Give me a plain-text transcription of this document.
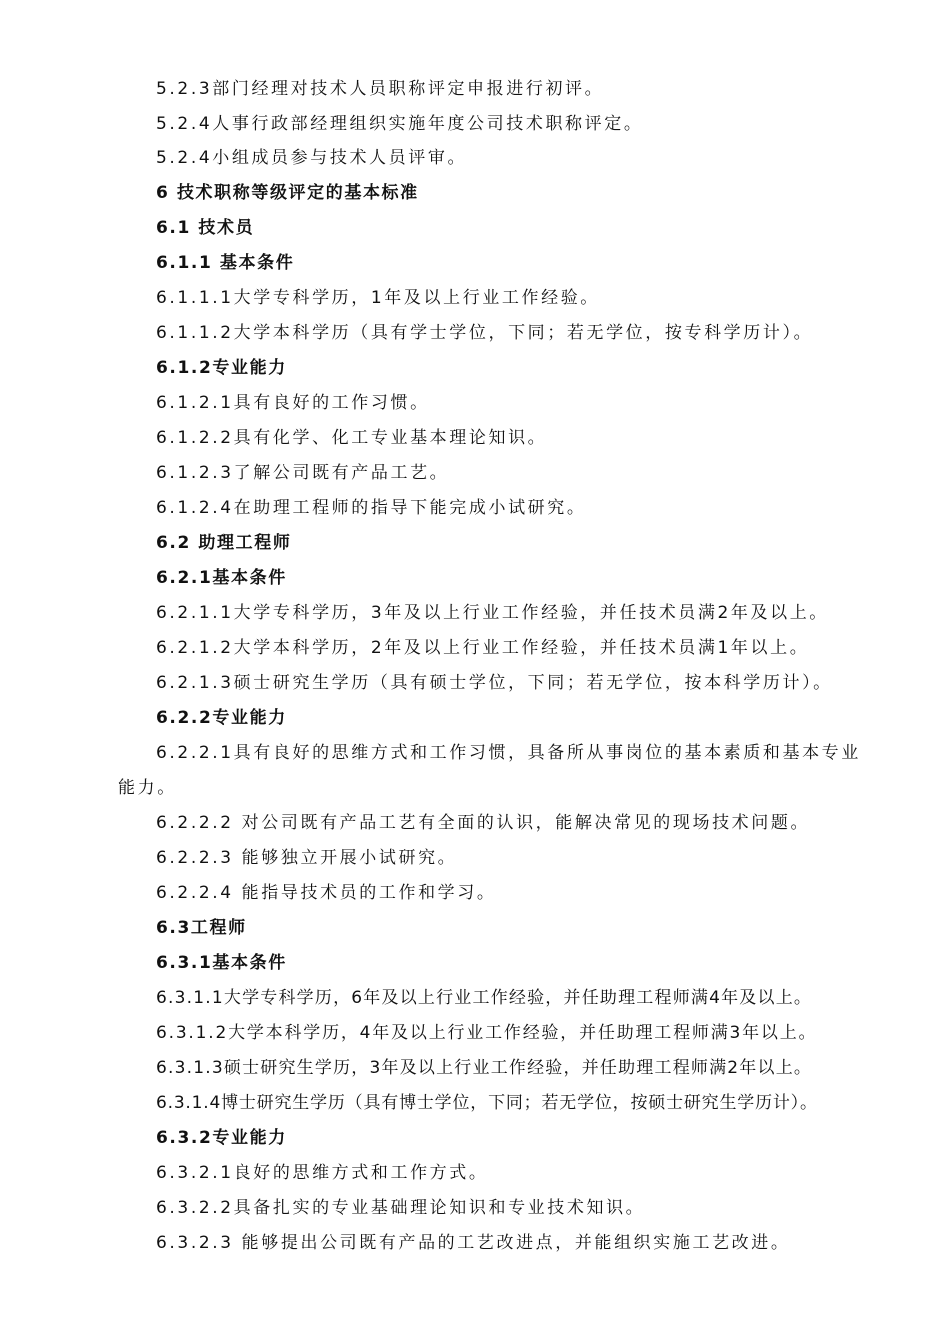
5.2.3部门经理对技术人员职称评定申报进行初评。
5.2.4人事行政部经理组织实施年度公司技术职称评定。
5.2.4小组成员参与技术人员评审。
6 技术职称等级评定的基本标准
6.1 技术员
6.1.1 基本条件
6.1.1.1大学专科学历，1年及以上行业工作经验。
6.1.1.2大学本科学历（具有学士学位，下同；若无学位，按专科学历计）。
6.1.2专业能力
6.1.2.1具有良好的工作习惯。
6.1.2.2具有化学、化工专业基本理论知识。
6.1.2.3了解公司既有产品工艺。
6.1.2.4在助理工程师的指导下能完成小试研究。
6.2 助理工程师
6.2.1基本条件
6.2.1.1大学专科学历，3年及以上行业工作经验，并任技术员满2年及以上。
6.2.1.2大学本科学历，2年及以上行业工作经验，并任技术员满1年以上。
6.2.1.3硕士研究生学历（具有硕士学位，下同；若无学位，按本科学历计）。
6.2.2专业能力
6.2.2.1具有良好的思维方式和工作习惯，具备所从事岗位的基本素质和基本专业
能力。
6.2.2.2 对公司既有产品工艺有全面的认识，能解决常见的现场技术问题。
6.2.2.3 能够独立开展小试研究。
6.2.2.4 能指导技术员的工作和学习。
6.3工程师
6.3.1基本条件
6.3.1.1大学专科学历，6年及以上行业工作经验，并任助理工程师满4年及以上。
6.3.1.2大学本科学历，4年及以上行业工作经验，并任助理工程师满3年以上。
6.3.1.3硕士研究生学历，3年及以上行业工作经验，并任助理工程师满2年以上。
6.3.1.4博士研究生学历（具有博士学位，下同；若无学位，按硕士研究生学历计）。
6.3.2专业能力
6.3.2.1良好的思维方式和工作方式。
6.3.2.2具备扎实的专业基础理论知识和专业技术知识。
6.3.2.3 能够提出公司既有产品的工艺改进点，并能组织实施工艺改进。
